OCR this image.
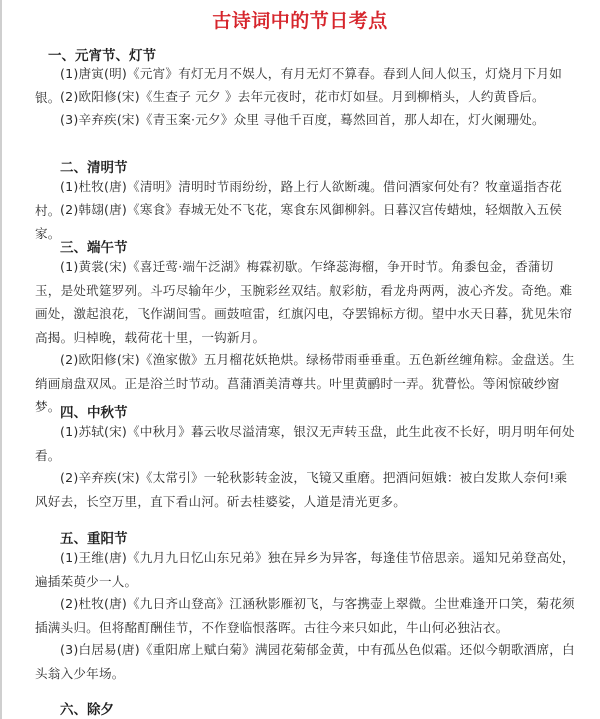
古诗词中的节日考点
一、元宵节、灯节
(1)唐寅(明)《元宵》有灯无月不娱人，有月无灯不算春。春到人间人似玉，灯烧月下月如银。 (2)欧阳修(宋)《生查子 元夕 》去年元夜时，花市灯如昼。月到柳梢头，人约黄昏后。
(3)辛弃疾(宋)《青玉案·元夕》众里 寻他千百度，蓦然回首，那人却在，灯火阑珊处。
二、清明节
(1)杜牧(唐)《清明》清明时节雨纷纷，路上行人欲断魂。借问酒家何处有？牧童遥指杏花村。 (2)韩翃(唐)《寒食》春城无处不飞花，寒食东风御柳斜。日暮汉宫传蜡烛，轻烟散入五侯家。
三、端午节
(1)黄裳(宋)《喜迁莺·端午泛湖》梅霖初歇。乍绛蕊海榴，争开时节。角黍包金，香蒲切玉，是处玳筵罗列。斗巧尽输年少，玉腕彩丝双结。舣彩舫，看龙舟两两，波心齐发。奇绝。难画处，激起浪花，飞作湖间雪。画鼓喧雷，红旗闪电，夺罢锦标方彻。望中水天日暮，犹见朱帘高揭。归棹晚，载荷花十里，一钩新月。
(2)欧阳修(宋)《渔家傲》五月榴花妖艳烘。绿杨带雨垂垂重。五色新丝缠角粽。金盘送。生绡画扇盘双凤。正是浴兰时节动。菖蒲酒美清尊共。叶里黄鹂时一弄。犹瞢忪。等闲惊破纱窗梦。 四、中秋节
(1)苏轼(宋)《中秋月》暮云收尽溢清寒，银汉无声转玉盘，此生此夜不长好，明月明年何处看。
(2)辛弃疾(宋)《太常引》一轮秋影转金波，飞镜又重磨。把酒问姮娥：被白发欺人奈何!乘风好去，长空万里，直下看山河。斫去桂婆娑，人道是清光更多。
五、重阳节
(1)王维(唐)《九月九日忆山东兄弟》独在异乡为异客，每逢佳节倍思亲。遥知兄弟登高处，遍插茱萸少一人。
(2)杜牧(唐)《九日齐山登高》江涵秋影雁初飞，与客携壶上翠微。尘世难逢开口笑，菊花须插满头归。但将酩酊酬佳节，不作登临恨落晖。古往今来只如此，牛山何必独沾衣。
(3)白居易(唐)《重阳席上赋白菊》满园花菊郁金黄，中有孤丛色似霜。还似今朝歌酒席，白头翁入少年场。
六、除夕
